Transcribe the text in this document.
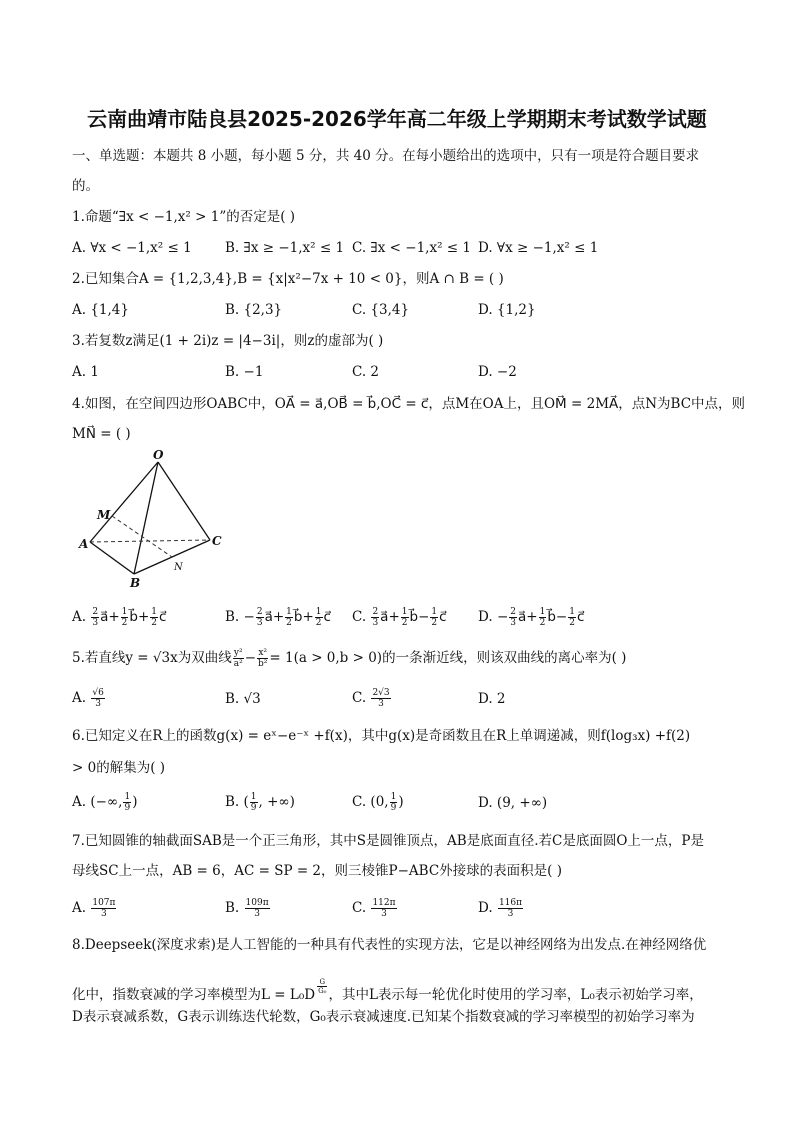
云南曲靖市陆良县2025-2026学年高二年级上学期期末考试数学试题
一、单选题：本题共 8 小题，每小题 5 分，共 40 分。在每小题给出的选项中，只有一项是符合题目要求
的。
1.命题“∃x < −1,x² > 1”的否定是( )
A. ∀x < −1,x² ≤ 1 B. ∃x ≥ −1,x² ≤ 1 C. ∃x < −1,x² ≤ 1 D. ∀x ≥ −1,x² ≤ 1
2.已知集合A = {1,2,3,4},B = {x|x²−7x + 10 < 0}，则A ∩ B = ( )
A. {1,4}	B. {2,3}	C. {3,4}	D. {1,2}
3.若复数z满足(1 + 2i)z = |4−3i|，则z的虚部为( )
A. 1	B. −1	C. 2	D. −2
4.如图，在空间四边形OABC中，OA⃗ = a⃗,OB⃗ = b⃗,OC⃗ = c⃗，点M在OA上，且OM⃗ = 2MA⃗，点N为BC中点，则
MN⃗ = ( )
O
M
A
B
C
N
A. $\frac{2}{3}$ a⃗+ $\frac{1}{2}$ b⃗+ $\frac{1}{2}$ c⃗	B. − $\frac{2}{3}$ a⃗+ $\frac{1}{2}$ b⃗+ $\frac{1}{2}$ c⃗ C. $\frac{2}{3}$ a⃗+ $\frac{1}{2}$ b⃗− $\frac{1}{2}$ c⃗ D. − $\frac{2}{3}$ a⃗+ $\frac{1}{2}$ b⃗− $\frac{1}{2}$ c⃗
5.若直线y = √3x为双曲线 $\frac{\text{y²}}{\text{a²}} - \frac{\text{x²}}{\text{b²}} = 1(a > 0,b > 0)$的一条渐近线，则该双曲线的离心率为( )
A. $\frac{√6}{3}$	B. √3	C. $\frac{2√3}{3}$	D. 2
6.已知定义在R上的函数g(x) = eˣ−e⁻ˣ +f(x)，其中g(x)是奇函数且在R上单调递减，则f(log₃x) +f(2)
> 0的解集为( )
A. (−∞, $\frac{1}{9}$ )	B. ( $\frac{1}{9}$ , +∞)	C. (0, $\frac{1}{9}$ )	D. (9, +∞)
7.已知圆锥的轴截面SAB是一个正三角形，其中S是圆锥顶点，AB是底面直径.若C是底面圆O上一点，P是
母线SC上一点，AB = 6，AC = SP = 2，则三棱锥P−ABC外接球的表面积是( )
A. $\frac{107\pi}{3}$	B. $\frac{109\pi}{3}$	C. $\frac{112\pi}{3}$	D. $\frac{116\pi}{3}$
8.Deepseek(深度求索)是人工智能的一种具有代表性的实现方法，它是以神经网络为出发点.在神经网络优
化中，指数衰减的学习率模型为L = L₀D
$^{\frac{G}{\text{G₀}}}$
，其中L表示每一轮优化时使用的学习率，L₀表示初始学习率，
D表示衰减系数，G表示训练迭代轮数，G₀表示衰减速度.已知某个指数衰减的学习率模型的初始学习率为
